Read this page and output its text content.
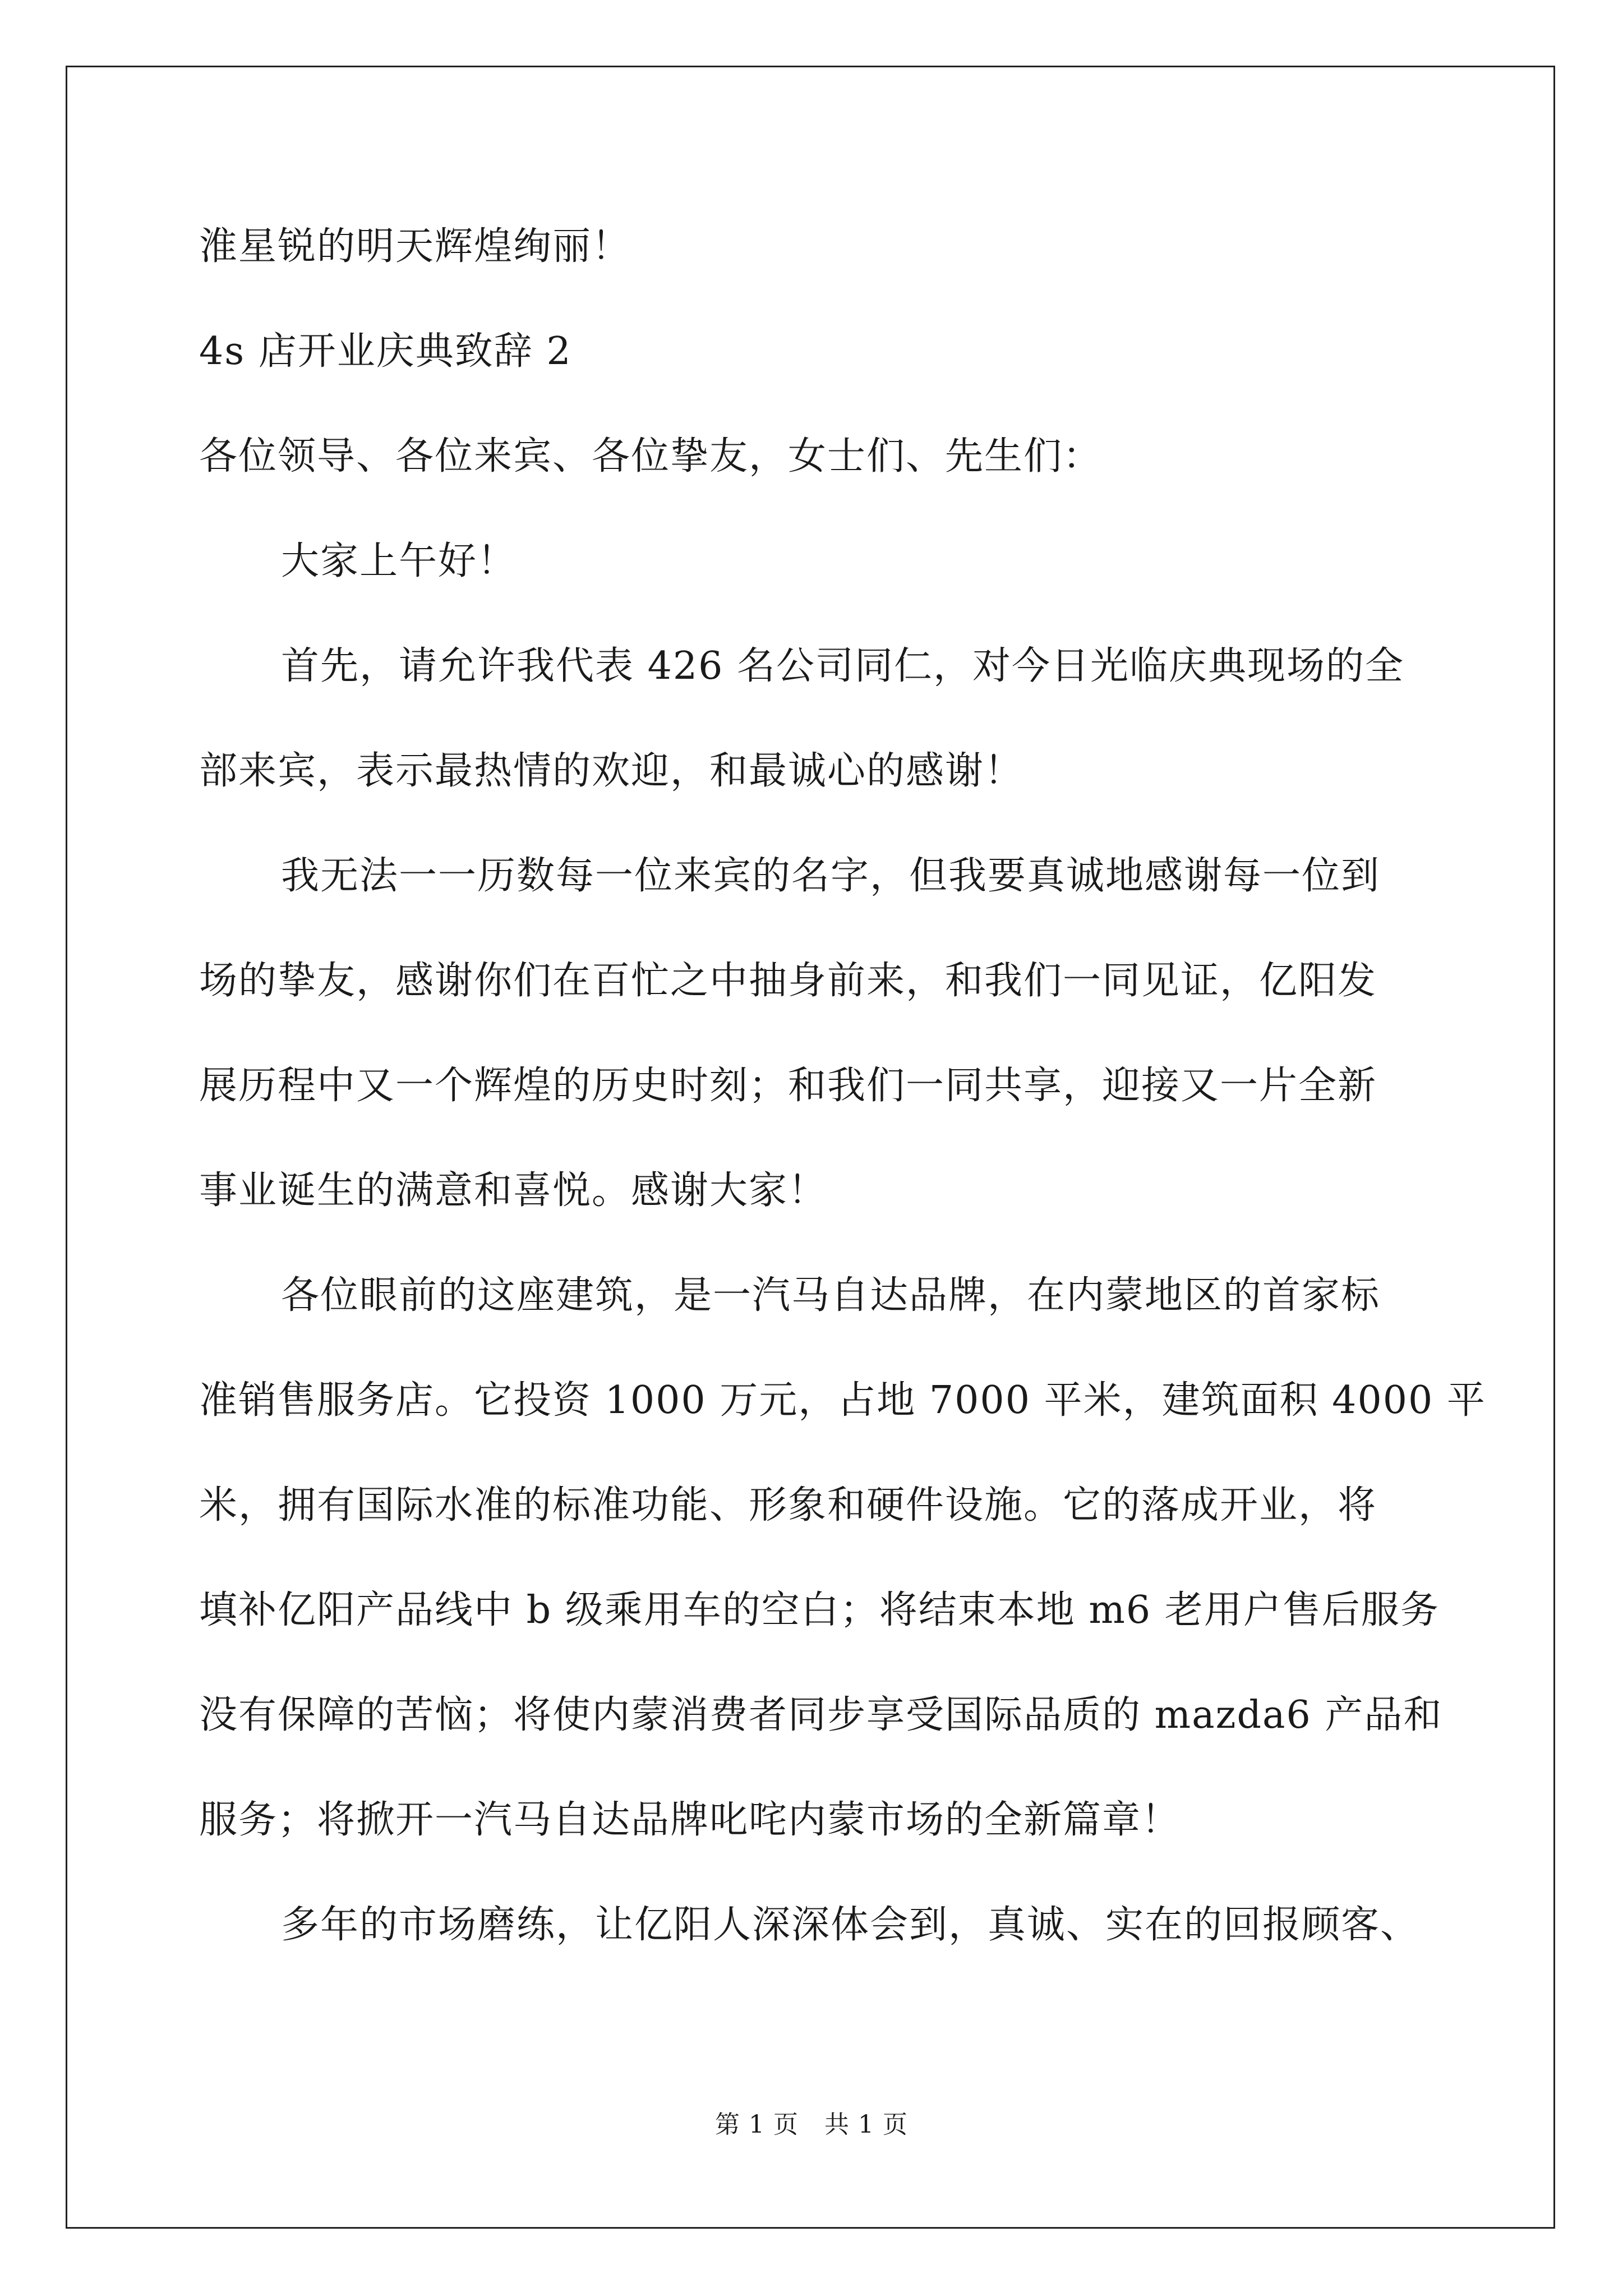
淮星锐的明天辉煌绚丽！
4s 店开业庆典致辞 2
各位领导、各位来宾、各位挚友，女士们、先生们：
大家上午好！
首先，请允许我代表 426 名公司同仁，对今日光临庆典现场的全
部来宾，表示最热情的欢迎，和最诚心的感谢！
我无法一一历数每一位来宾的名字，但我要真诚地感谢每一位到
场的挚友，感谢你们在百忙之中抽身前来，和我们一同见证，亿阳发
展历程中又一个辉煌的历史时刻；和我们一同共享，迎接又一片全新
事业诞生的满意和喜悦。感谢大家！
各位眼前的这座建筑，是一汽马自达品牌，在内蒙地区的首家标
准销售服务店。它投资 1000 万元，占地 7000 平米，建筑面积 4000 平
米，拥有国际水准的标准功能、形象和硬件设施。它的落成开业，将
填补亿阳产品线中 b 级乘用车的空白；将结束本地 m6 老用户售后服务
没有保障的苦恼；将使内蒙消费者同步享受国际品质的 mazda6 产品和
服务；将掀开一汽马自达品牌叱咤内蒙市场的全新篇章！
多年的市场磨练，让亿阳人深深体会到，真诚、实在的回报顾客、
第 1 页 共 1 页
